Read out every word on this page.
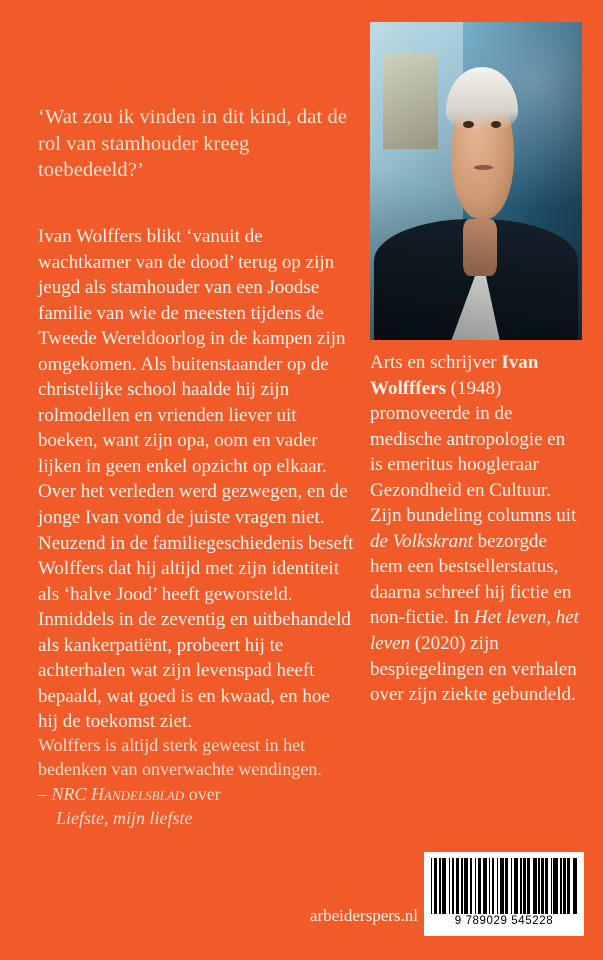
‘Wat zou ik vinden in dit kind, dat de rol van stamhouder kreeg toebedeeld?’

Ivan Wolffers blikt ‘vanuit de wachtkamer van de dood’ terug op zijn jeugd als stamhouder van een Joodse familie van wie de meesten tijdens de Tweede Wereldoorlog in de kampen zijn omgekomen. Als buitenstaander op de christelijke school haalde hij zijn rolmodellen en vrienden liever uit boeken, want zijn opa, oom en vader lijken in geen enkel opzicht op elkaar. Over het verleden werd gezwegen, en de jonge Ivan vond de juiste vragen niet.

Neuzend in de familiegeschiedenis beseft Wolffers dat hij altijd met zijn identiteit als ‘halve Jood’ heeft geworsteld. Inmiddels in de zeventig en uitbehandeld als kankerpatiënt, probeert hij te achterhalen wat zijn levenspad heeft bepaald, wat goed is en kwaad, en hoe hij de toekomst ziet.

Arts en schrijver Ivan Wolfffers (1948) promoveerde in de medische antropologie en is emeritus hoogleraar Gezondheid en Cultuur. Zijn bundeling columns uit de Volkskrant bezorgde hem een bestsellerstatus, daarna schreef hij fictie en non-fictie. In Het leven, het leven (2020) zijn bespiegelingen en verhalen over zijn ziekte gebundeld.

Wolffers is altijd sterk geweest in het bedenken van onverwachte wendingen.

– NRC Handelsblad over

Liefste, mijn liefste

arbeiderspers.nl	9 789029 545228
